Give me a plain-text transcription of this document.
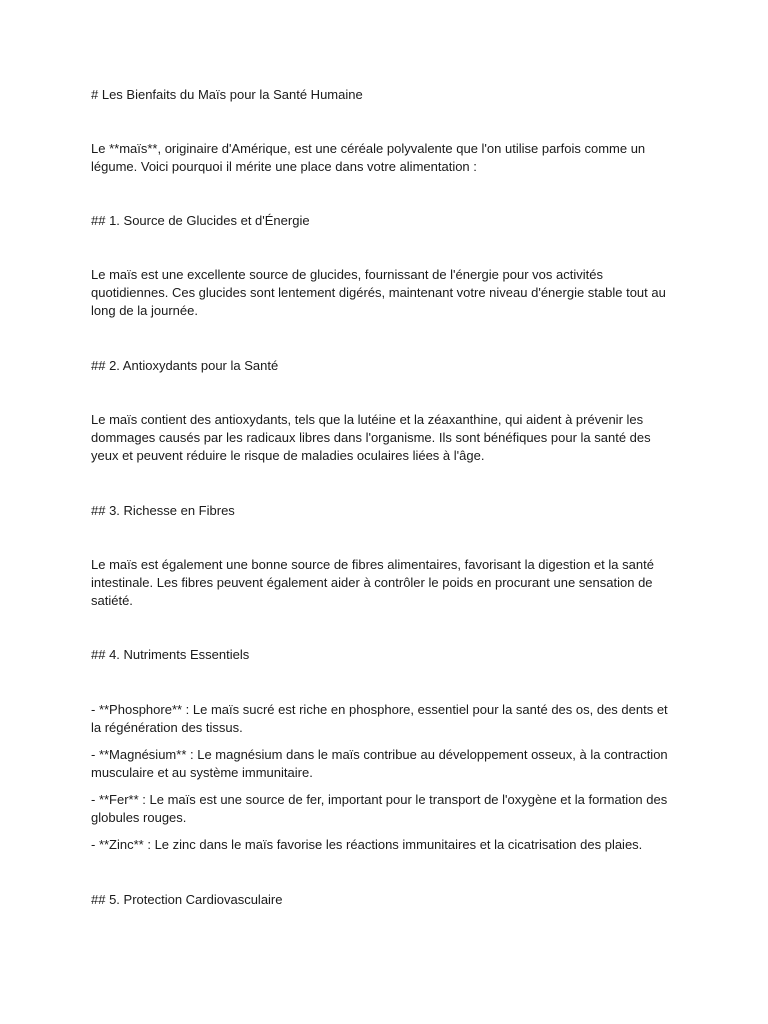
# Les Bienfaits du Maïs pour la Santé Humaine

Le **maïs**, originaire d'Amérique, est une céréale polyvalente que l'on utilise parfois comme un légume. Voici pourquoi il mérite une place dans votre alimentation :

## 1. Source de Glucides et d'Énergie

Le maïs est une excellente source de glucides, fournissant de l'énergie pour vos activités quotidiennes. Ces glucides sont lentement digérés, maintenant votre niveau d'énergie stable tout au long de la journée.

## 2. Antioxydants pour la Santé

Le maïs contient des antioxydants, tels que la lutéine et la zéaxanthine, qui aident à prévenir les dommages causés par les radicaux libres dans l'organisme. Ils sont bénéfiques pour la santé des yeux et peuvent réduire le risque de maladies oculaires liées à l'âge.

## 3. Richesse en Fibres

Le maïs est également une bonne source de fibres alimentaires, favorisant la digestion et la santé intestinale. Les fibres peuvent également aider à contrôler le poids en procurant une sensation de satiété.

## 4. Nutriments Essentiels

- **Phosphore** : Le maïs sucré est riche en phosphore, essentiel pour la santé des os, des dents et la régénération des tissus.

- **Magnésium** : Le magnésium dans le maïs contribue au développement osseux, à la contraction musculaire et au système immunitaire.

- **Fer** : Le maïs est une source de fer, important pour le transport de l'oxygène et la formation des globules rouges.

- **Zinc** : Le zinc dans le maïs favorise les réactions immunitaires et la cicatrisation des plaies.

## 5. Protection Cardiovasculaire
